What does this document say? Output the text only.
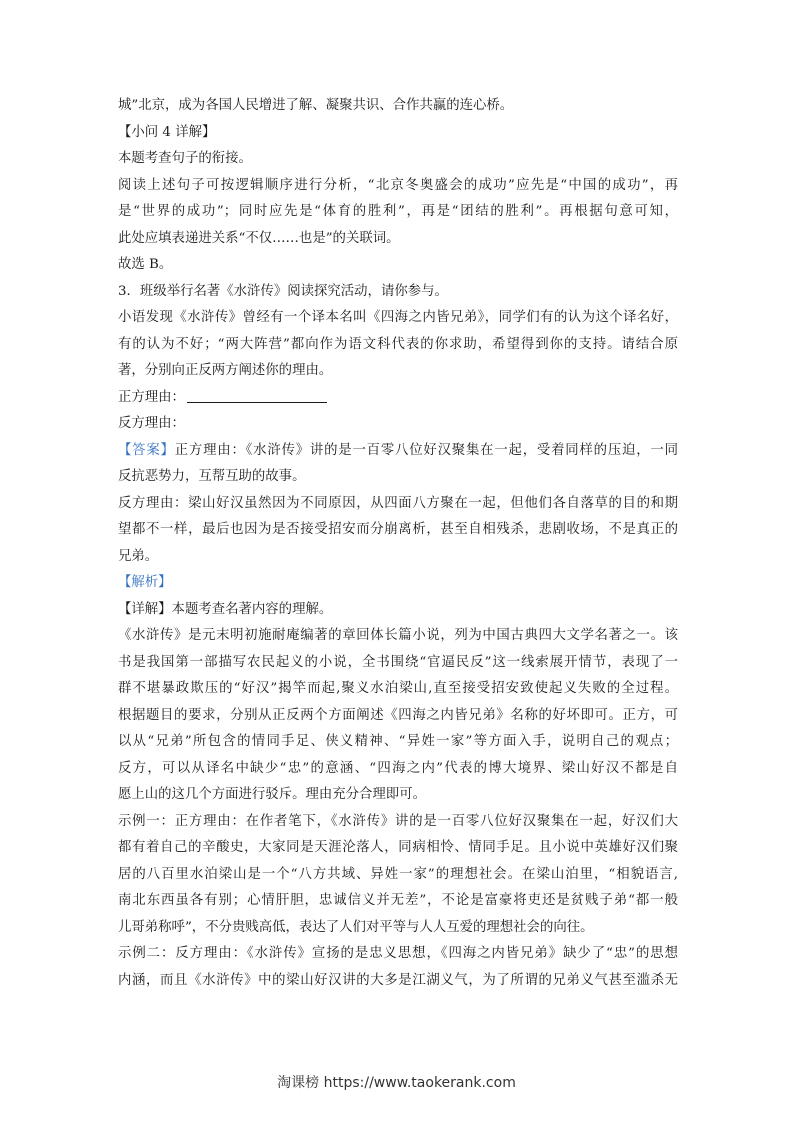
城”北京，成为各国人民增进了解、凝聚共识、合作共赢的连心桥。
【小问 4 详解】
本题考查句子的衔接。
阅读上述句子可按逻辑顺序进行分析，“北京冬奥盛会的成功”应先是“中国的成功”，再
是“世界的成功”；同时应先是“体育的胜利”，再是“团结的胜利”。再根据句意可知，
此处应填表递进关系“不仅……也是”的关联词。
故选 B。
3．班级举行名著《水浒传》阅读探究活动，请你参与。
小语发现《水浒传》曾经有一个译本名叫《四海之内皆兄弟》，同学们有的认为这个译名好，
有的认为不好；“两大阵营”都向作为语文科代表的你求助，希望得到你的支持。请结合原
著，分别向正反两方阐述你的理由。
正方理由：
反方理由：
【答案】正方理由：《水浒传》讲的是一百零八位好汉聚集在一起，受着同样的压迫，一同
反抗恶势力，互帮互助的故事。
反方理由：梁山好汉虽然因为不同原因，从四面八方聚在一起，但他们各自落草的目的和期
望都不一样，最后也因为是否接受招安而分崩离析，甚至自相残杀，悲剧收场，不是真正的
兄弟。
【解析】
【详解】本题考查名著内容的理解。
《水浒传》是元末明初施耐庵编著的章回体长篇小说，列为中国古典四大文学名著之一。该
书是我国第一部描写农民起义的小说，全书围绕“官逼民反”这一线索展开情节，表现了一
群不堪暴政欺压的“好汉”揭竿而起,聚义水泊梁山,直至接受招安致使起义失败的全过程。
根据题目的要求，分别从正反两个方面阐述《四海之内皆兄弟》名称的好坏即可。正方，可
以从“兄弟”所包含的情同手足、侠义精神、“异姓一家”等方面入手，说明自己的观点；
反方，可以从译名中缺少“忠”的意涵、“四海之内”代表的博大境界、梁山好汉不都是自
愿上山的这几个方面进行驳斥。理由充分合理即可。
示例一：正方理由：在作者笔下，《水浒传》讲的是一百零八位好汉聚集在一起，好汉们大
都有着自己的辛酸史，大家同是天涯沦落人，同病相怜、情同手足。且小说中英雄好汉们聚
居的八百里水泊梁山是一个“八方共域、异姓一家”的理想社会。在梁山泊里，“相貌语言,
南北东西虽各有别；心情肝胆，忠诚信义并无差”，不论是富豪将吏还是贫贱子弟“都一般
儿哥弟称呼”，不分贵贱高低，表达了人们对平等与人人互爱的理想社会的向往。
示例二：反方理由：《水浒传》宣扬的是忠义思想，《四海之内皆兄弟》缺少了“忠”的思想
内涵，而且《水浒传》中的梁山好汉讲的大多是江湖义气，为了所谓的兄弟义气甚至滥杀无
淘课榜 https://www.taokerank.com
